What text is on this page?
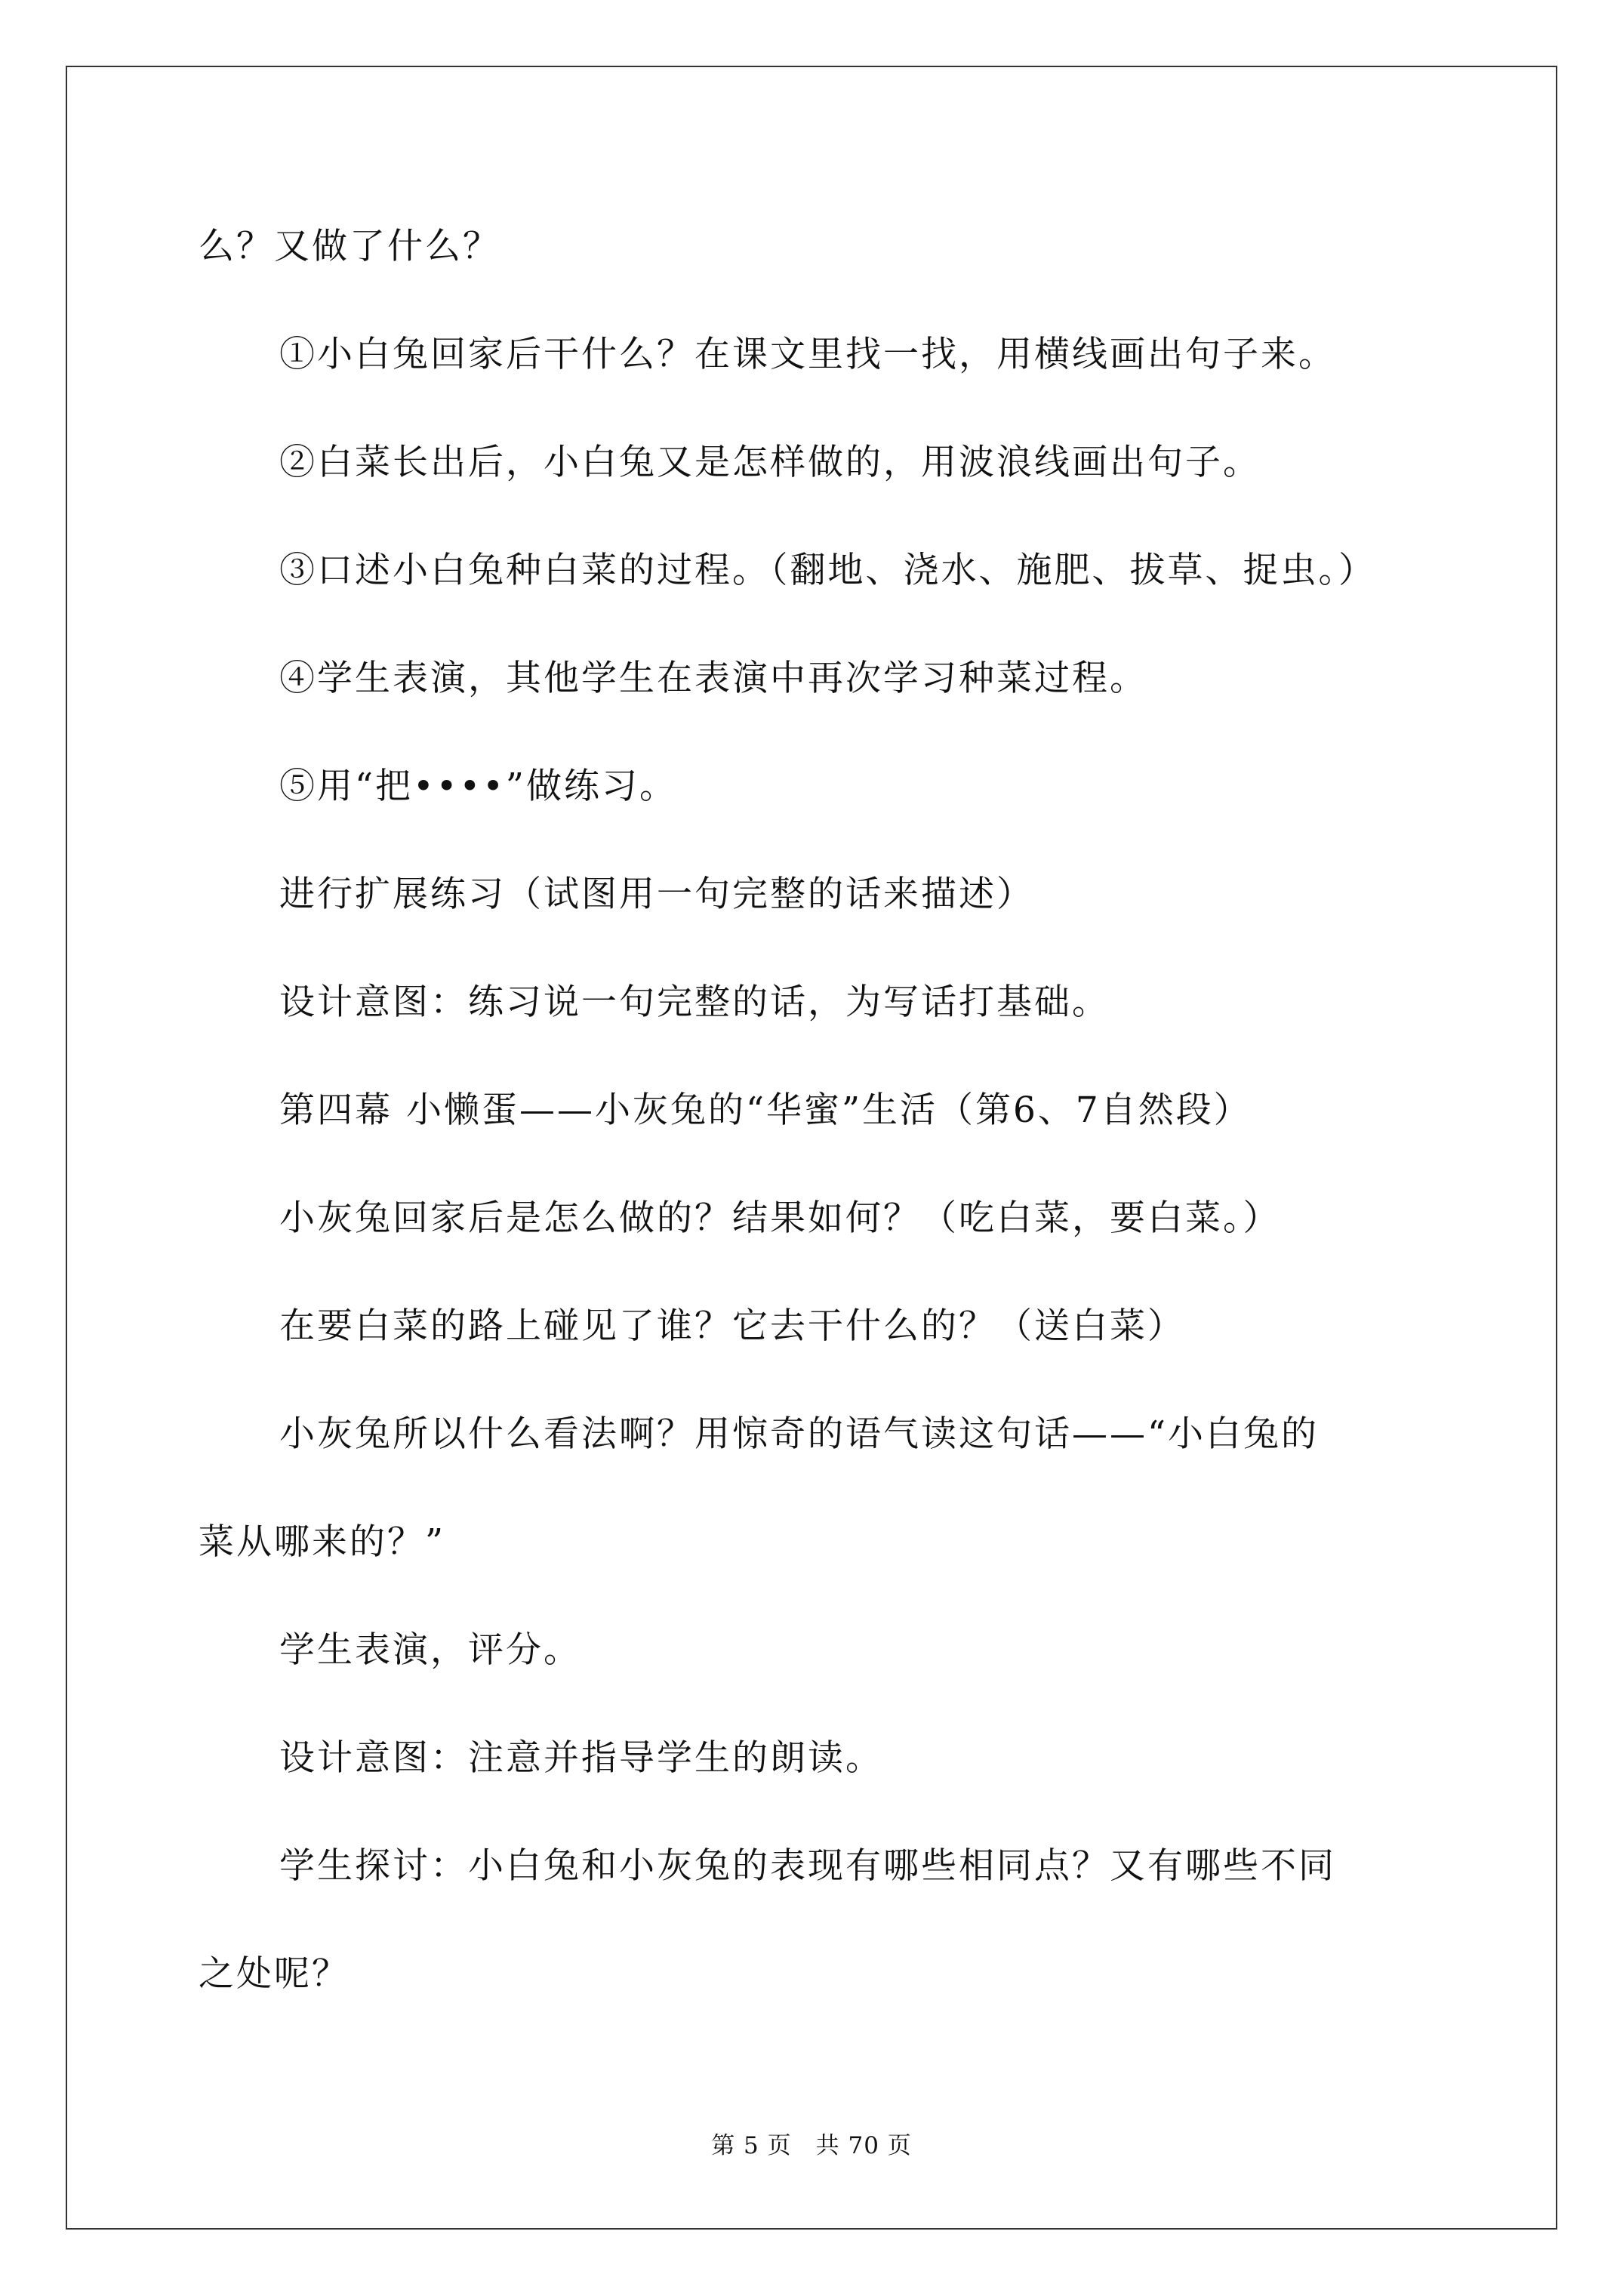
么？又做了什么？
①小白兔回家后干什么？在课文里找一找，用横线画出句子来。
②白菜长出后，小白兔又是怎样做的，用波浪线画出句子。
③口述小白兔种白菜的过程。（翻地、浇水、施肥、拔草、捉虫。）
④学生表演，其他学生在表演中再次学习种菜过程。
⑤用“把••••”做练习。
进行扩展练习（试图用一句完整的话来描述）
设计意图：练习说一句完整的话，为写话打基础。
第四幕 小懒蛋——小灰兔的“华蜜”生活（第6、7自然段）
小灰兔回家后是怎么做的？结果如何？（吃白菜，要白菜。）
在要白菜的路上碰见了谁？它去干什么的？（送白菜）
小灰兔所以什么看法啊？用惊奇的语气读这句话——“小白兔的
菜从哪来的？”
学生表演，评分。
设计意图：注意并指导学生的朗读。
学生探讨：小白兔和小灰兔的表现有哪些相同点？又有哪些不同
之处呢？
第 5 页　共 70 页
